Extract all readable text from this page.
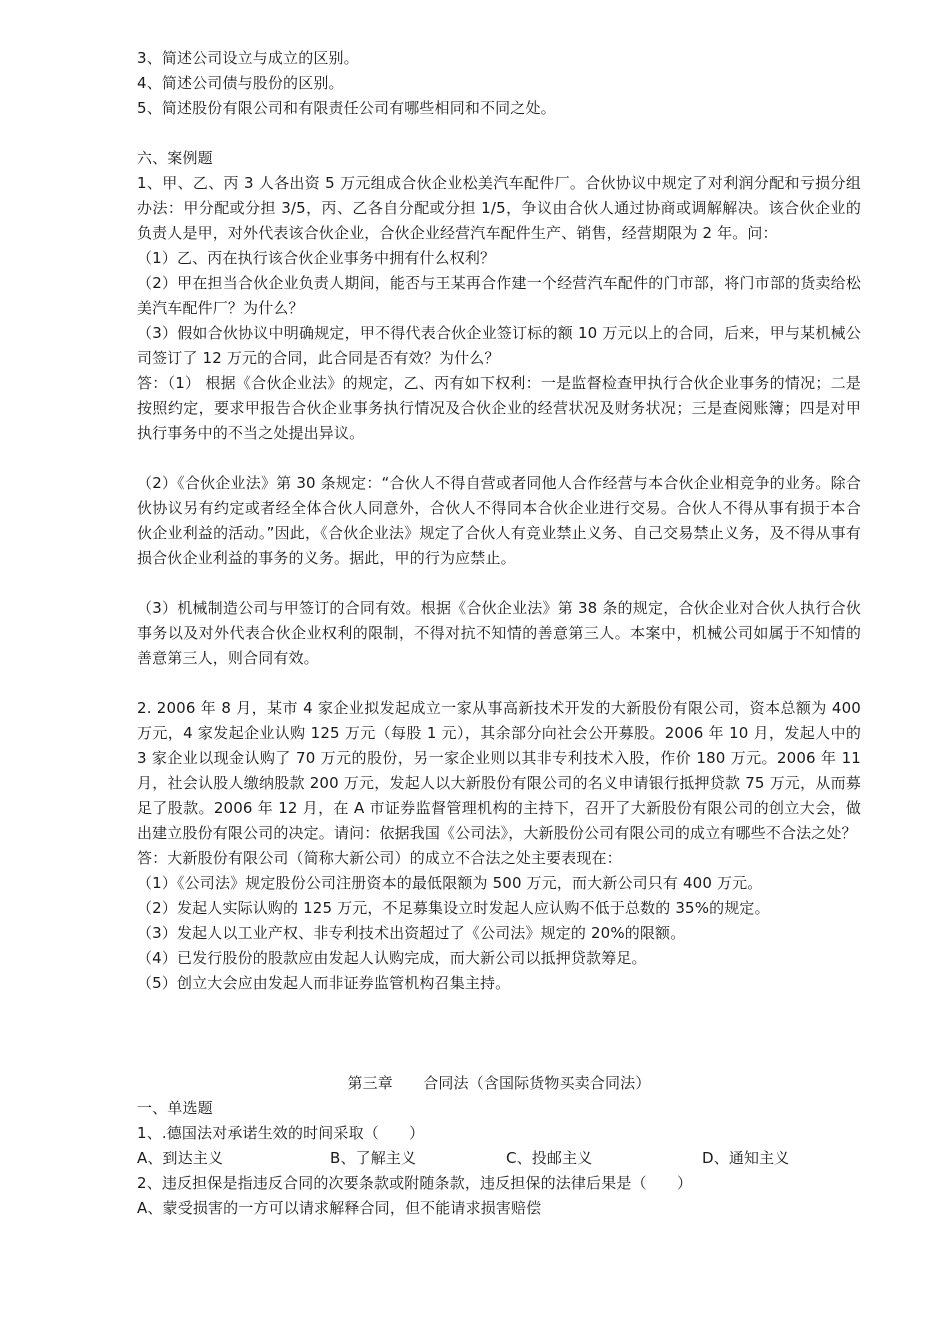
3、简述公司设立与成立的区别。

4、简述公司债与股份的区别。

5、简述股份有限公司和有限责任公司有哪些相同和不同之处。

六、案例题

1、甲、乙、丙 3 人各出资 5 万元组成合伙企业松美汽车配件厂。合伙协议中规定了对利润分配和亏损分组办法：甲分配或分担 3/5，丙、乙各自分配或分担 1/5，争议由合伙人通过协商或调解解决。该合伙企业的负责人是甲，对外代表该合伙企业，合伙企业经营汽车配件生产、销售，经营期限为 2 年。问：

（1）乙、丙在执行该合伙企业事务中拥有什么权利？

（2）甲在担当合伙企业负责人期间，能否与王某再合作建一个经营汽车配件的门市部，将门市部的货卖给松美汽车配件厂？为什么？

（3）假如合伙协议中明确规定，甲不得代表合伙企业签订标的额 10 万元以上的合同，后来，甲与某机械公司签订了 12 万元的合同，此合同是否有效？为什么？

答：（1） 根据《合伙企业法》的规定，乙、丙有如下权利：一是监督检查甲执行合伙企业事务的情况；二是按照约定，要求甲报告合伙企业事务执行情况及合伙企业的经营状况及财务状况；三是查阅账簿；四是对甲执行事务中的不当之处提出异议。

（2）《合伙企业法》第 30 条规定：“合伙人不得自营或者同他人合作经营与本合伙企业相竞争的业务。除合伙协议另有约定或者经全体合伙人同意外，合伙人不得同本合伙企业进行交易。合伙人不得从事有损于本合伙企业利益的活动。”因此，《合伙企业法》规定了合伙人有竞业禁止义务、自己交易禁止义务，及不得从事有损合伙企业利益的事务的义务。据此，甲的行为应禁止。

（3）机械制造公司与甲签订的合同有效。根据《合伙企业法》第 38 条的规定，合伙企业对合伙人执行合伙事务以及对外代表合伙企业权利的限制，不得对抗不知情的善意第三人。本案中，机械公司如属于不知情的善意第三人，则合同有效。

2. 2006 年 8 月，某市 4 家企业拟发起成立一家从事高新技术开发的大新股份有限公司，资本总额为 400 万元，4 家发起企业认购 125 万元（每股 1 元），其余部分向社会公开募股。2006 年 10 月，发起人中的 3 家企业以现金认购了 70 万元的股份，另一家企业则以其非专利技术入股，作价 180 万元。2006 年 11 月，社会认股人缴纳股款 200 万元，发起人以大新股份有限公司的名义申请银行抵押贷款 75 万元，从而募足了股款。2006 年 12 月，在 A 市证券监督管理机构的主持下，召开了大新股份有限公司的创立大会，做出建立股份有限公司的决定。请问：依据我国《公司法》，大新股份公司有限公司的成立有哪些不合法之处？

答：大新股份有限公司（简称大新公司）的成立不合法之处主要表现在：

（1）《公司法》规定股份公司注册资本的最低限额为 500 万元，而大新公司只有 400 万元。

（2）发起人实际认购的 125 万元，不足募集设立时发起人应认购不低于总数的 35%的规定。

（3）发起人以工业产权、非专利技术出资超过了《公司法》规定的 20%的限额。

（4）已发行股份的股款应由发起人认购完成，而大新公司以抵押贷款筹足。

（5）创立大会应由发起人而非证券监管机构召集主持。

第三章　　合同法（含国际货物买卖合同法）

一、单选题

1、.德国法对承诺生效的时间采取（　　）

A、到达主义	B、了解主义	C、投邮主义	D、通知主义

2、违反担保是指违反合同的次要条款或附随条款，违反担保的法律后果是（　　）

A、蒙受损害的一方可以请求解释合同，但不能请求损害赔偿
